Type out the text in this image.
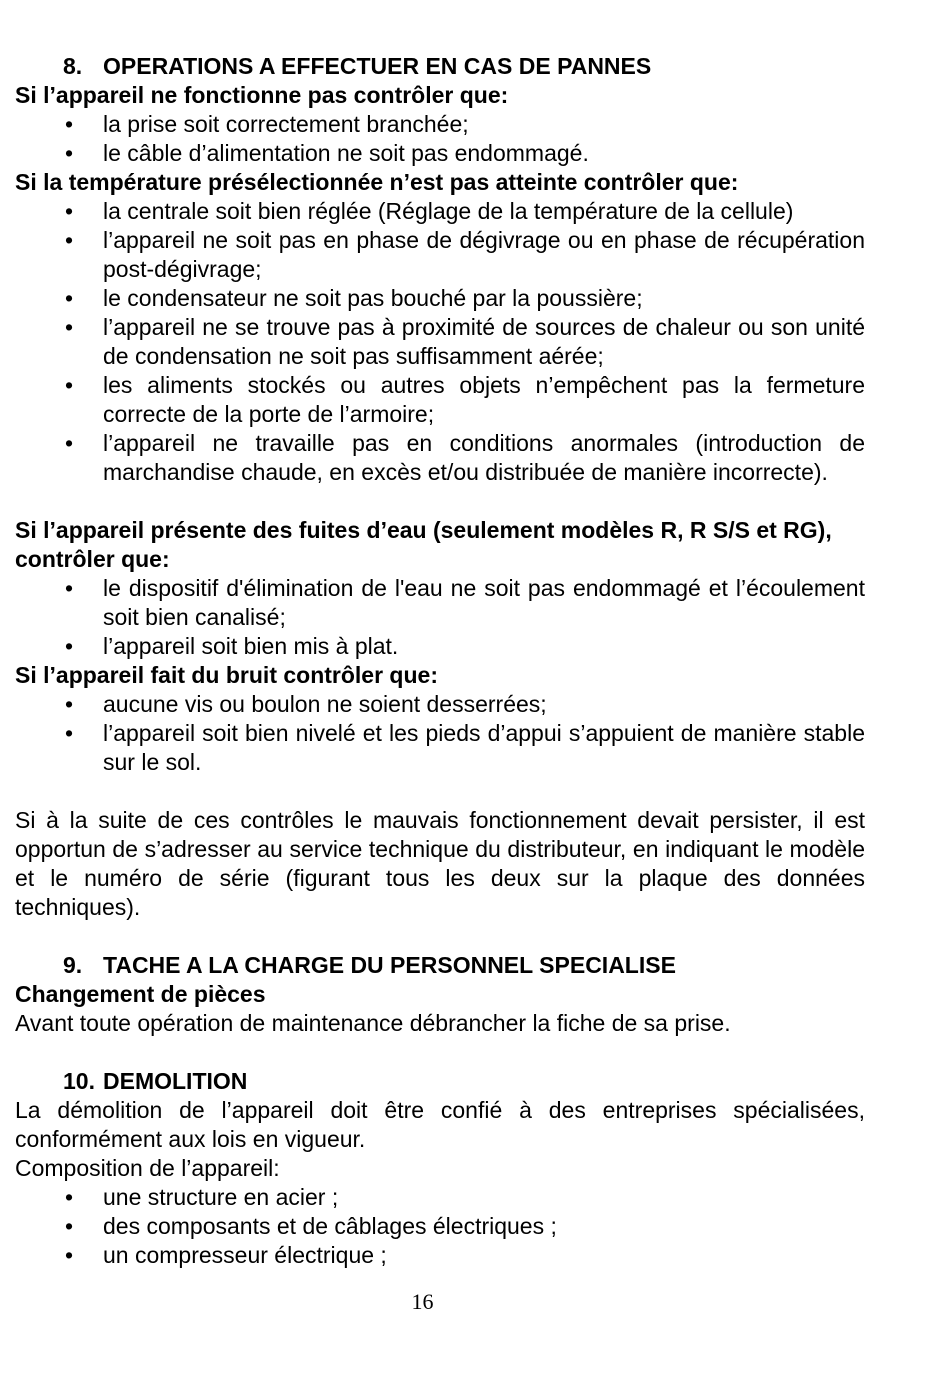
8. OPERATIONS A EFFECTUER EN CAS DE PANNES
Si l’appareil ne fonctionne pas contrôler que:
• la prise soit correctement branchée;
• le câble d’alimentation ne soit pas endommagé.
Si la température présélectionnée n’est pas atteinte contrôler que:
• la centrale soit bien réglée (Réglage de la température de la cellule)
• l’appareil ne soit pas en phase de dégivrage ou en phase de récupération post-dégivrage;
• le condensateur ne soit pas bouché par la poussière;
• l’appareil ne se trouve pas à proximité de sources de chaleur ou son unité de condensation ne soit pas suffisamment aérée;
• les aliments stockés ou autres objets n’empêchent pas la fermeture correcte de la porte de l’armoire;
• l’appareil ne travaille pas en conditions anormales (introduction de marchandise chaude, en excès et/ou distribuée de manière incorrecte).
Si l’appareil présente des fuites d’eau (seulement modèles R, R S/S et RG), contrôler que:
• le dispositif d'élimination de l'eau ne soit pas endommagé et l’écoulement soit bien canalisé;
• l’appareil soit bien mis à plat.
Si l’appareil fait du bruit contrôler que:
• aucune vis ou boulon ne soient desserrées;
• l’appareil soit bien nivelé et les pieds d’appui s’appuient de manière stable sur le sol.

Si à la suite de ces contrôles le mauvais fonctionnement devait persister, il est opportun de s’adresser au service technique du distributeur, en indiquant le modèle et le numéro de série (figurant tous les deux sur la plaque des données techniques).

9. TACHE A LA CHARGE DU PERSONNEL SPECIALISE
Changement de pièces

Avant toute opération de maintenance débrancher la fiche de sa prise.

10. DEMOLITION

La démolition de l’appareil doit être confié à des entreprises spécialisées, conformément aux lois en vigueur.

Composition de l’appareil:

• une structure en acier ;
• des composants et de câblages électriques ;
• un compresseur électrique ;
16
